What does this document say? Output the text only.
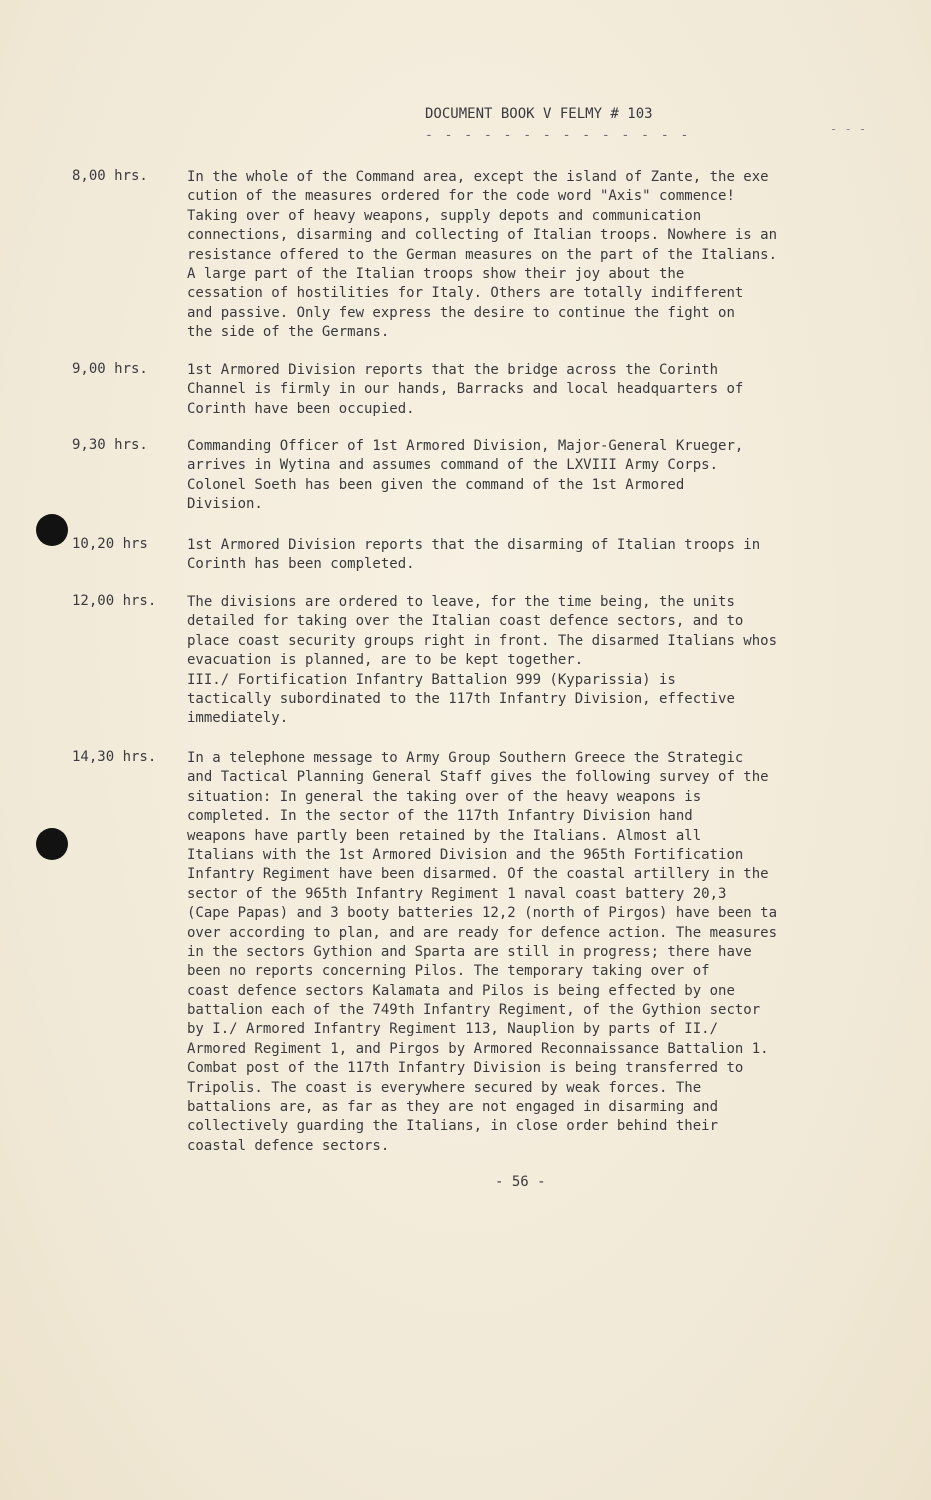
DOCUMENT BOOK V FELMY # 103
- - - - - - - - - - - - - -	- - -
8,00 hrs.	In the whole of the Command area, except the island of Zante, the exe
cution of the measures ordered for the code word "Axis" commence!
Taking over of heavy weapons, supply depots and communication
connections, disarming and collecting of Italian troops. Nowhere is an
resistance offered to the German measures on the part of the Italians.
A large part of the Italian troops show their joy about the
cessation of hostilities for Italy. Others are totally indifferent
and passive. Only few express the desire to continue the fight on
the side of the Germans.
9,00 hrs.	1st Armored Division reports that the bridge across the Corinth
Channel is firmly in our hands, Barracks and local headquarters of
Corinth have been occupied.
9,30 hrs.	Commanding Officer of 1st Armored Division, Major-General Krueger,
arrives in Wytina and assumes command of the LXVIII Army Corps.
Colonel Soeth has been given the command of the 1st Armored
Division.
10,20 hrs	1st Armored Division reports that the disarming of Italian troops in
Corinth has been completed.
12,00 hrs. The divisions are ordered to leave, for the time being, the units
detailed for taking over the Italian coast defence sectors, and to
place coast security groups right in front. The disarmed Italians whos
evacuation is planned, are to be kept together.
III./ Fortification Infantry Battalion 999 (Kyparissia) is
tactically subordinated to the 117th Infantry Division, effective
immediately.
14,30 hrs. In a telephone message to Army Group Southern Greece the Strategic
and Tactical Planning General Staff gives the following survey of the
situation: In general the taking over of the heavy weapons is
completed. In the sector of the 117th Infantry Division hand
weapons have partly been retained by the Italians. Almost all
Italians with the 1st Armored Division and the 965th Fortification
Infantry Regiment have been disarmed. Of the coastal artillery in the
sector of the 965th Infantry Regiment 1 naval coast battery 20,3
(Cape Papas) and 3 booty batteries 12,2 (north of Pirgos) have been ta
over according to plan, and are ready for defence action. The measures
in the sectors Gythion and Sparta are still in progress; there have
been no reports concerning Pilos. The temporary taking over of
coast defence sectors Kalamata and Pilos is being effected by one
battalion each of the 749th Infantry Regiment, of the Gythion sector
by I./ Armored Infantry Regiment 113, Nauplion by parts of II./
Armored Regiment 1, and Pirgos by Armored Reconnaissance Battalion 1.
Combat post of the 117th Infantry Division is being transferred to
Tripolis. The coast is everywhere secured by weak forces. The
battalions are, as far as they are not engaged in disarming and
collectively guarding the Italians, in close order behind their
coastal defence sectors.
- 56 -
